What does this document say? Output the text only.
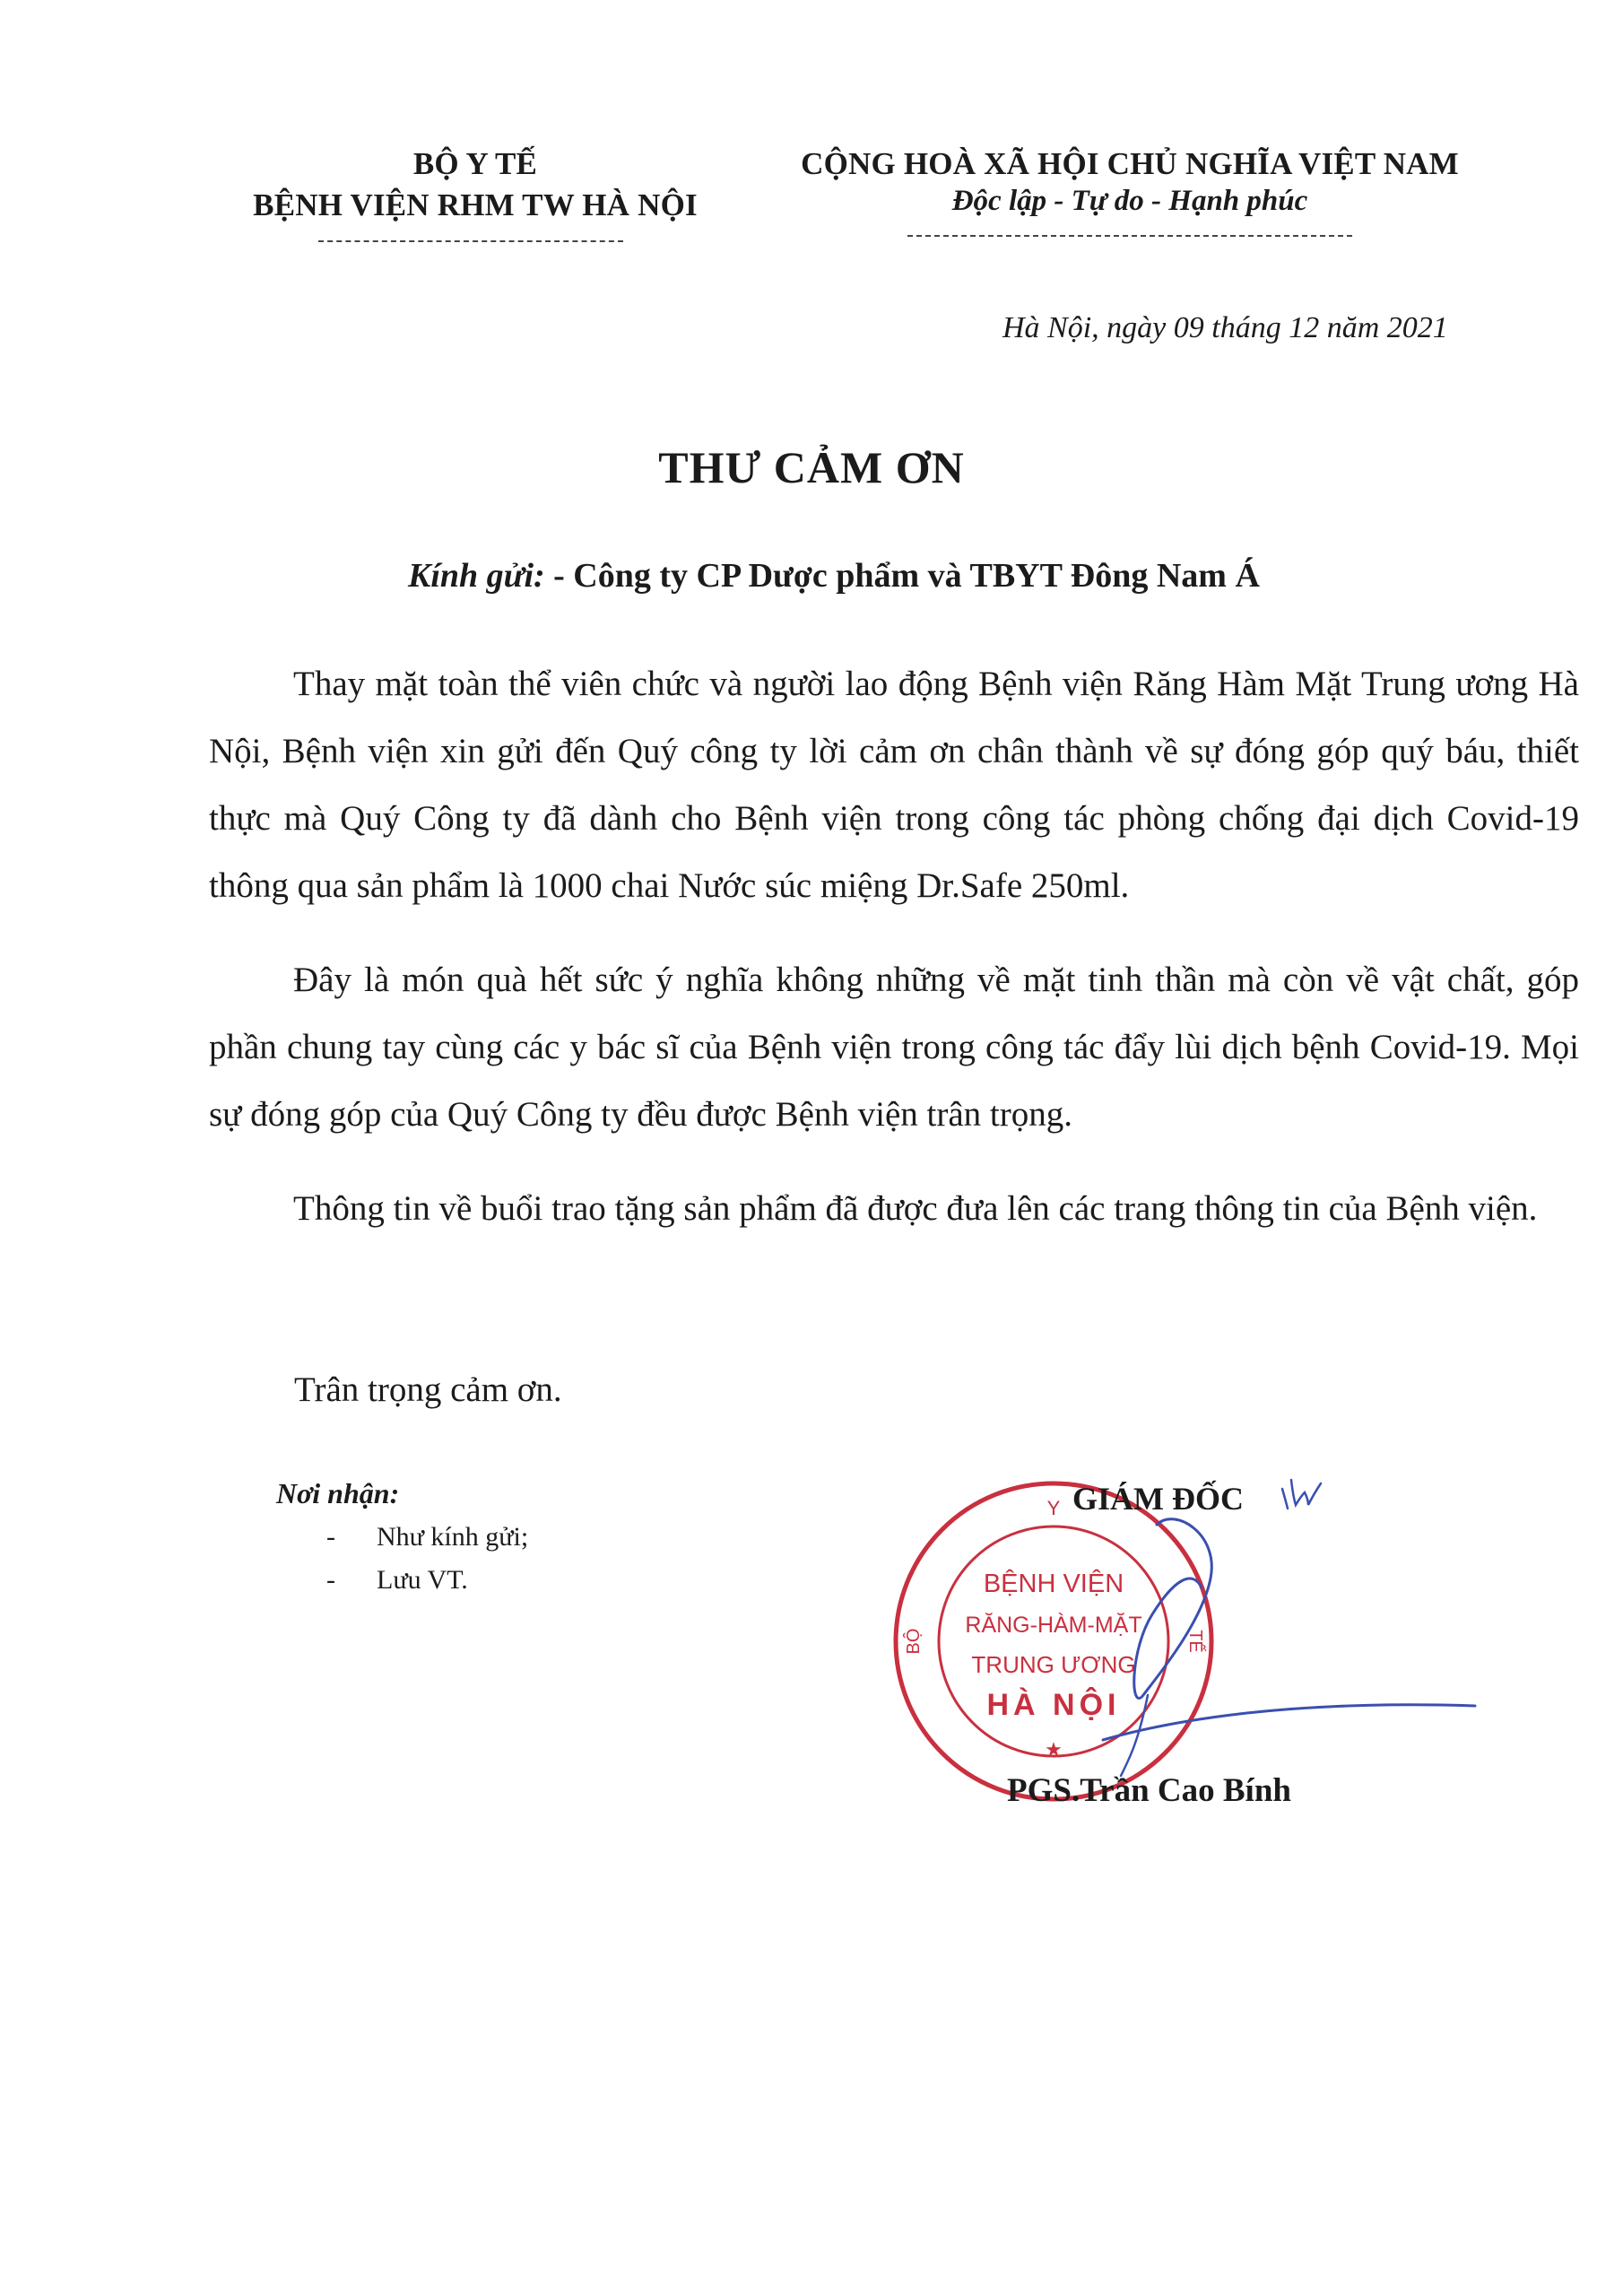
BỘ Y TẾ
BỆNH VIỆN RHM TW HÀ NỘI
CỘNG HOÀ XÃ HỘI CHỦ NGHĨA VIỆT NAM
Độc lập - Tự do - Hạnh phúc
Hà Nội, ngày 09 tháng 12 năm 2021
THƯ CẢM ƠN
Kính gửi: - Công ty CP Dược phẩm và TBYT Đông Nam Á

Thay mặt toàn thể viên chức và người lao động Bệnh viện Răng Hàm Mặt Trung ương Hà Nội, Bệnh viện xin gửi đến Quý công ty lời cảm ơn chân thành về sự đóng góp quý báu, thiết thực mà Quý Công ty đã dành cho Bệnh viện trong công tác phòng chống đại dịch Covid-19 thông qua sản phẩm là 1000 chai Nước súc miệng Dr.Safe 250ml.

Đây là món quà hết sức ý nghĩa không những về mặt tinh thần mà còn về vật chất, góp phần chung tay cùng các y bác sĩ của Bệnh viện trong công tác đẩy lùi dịch bệnh Covid-19. Mọi sự đóng góp của Quý Công ty đều được Bệnh viện trân trọng.

Thông tin về buổi trao tặng sản phẩm đã được đưa lên các trang thông tin của Bệnh viện.

Trân trọng cảm ơn.
Nơi nhận:
- Như kính gửi;
- Lưu VT.
Y
BỘ	TẾ
BỆNH VIỆN
RĂNG-HÀM-MẶT
TRUNG ƯƠNG
HÀ NỘI
★
GIÁM ĐỐC
PGS.Trần Cao Bính
